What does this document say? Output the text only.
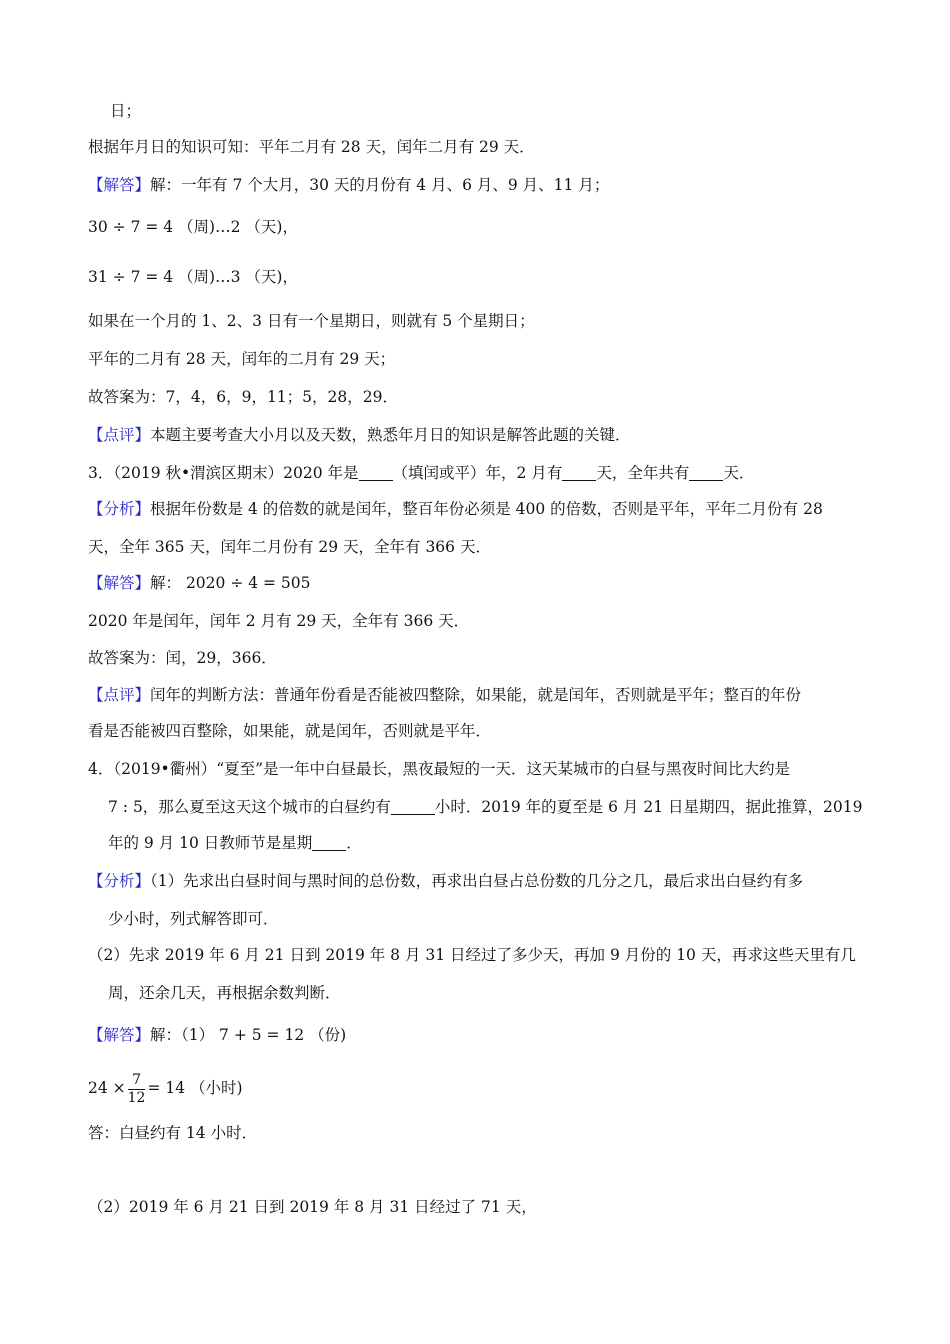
日；
根据年月日的知识可知：平年二月有 28 天，闰年二月有 29 天．
【解答】解：一年有 7 个大月，30 天的月份有 4 月、6 月、9 月、11 月；
30 ÷ 7 = 4 （周)…2 （天)，
31 ÷ 7 = 4 （周)…3 （天)，
如果在一个月的 1、2、3 日有一个星期日，则就有 5 个星期日；
平年的二月有 28 天，闰年的二月有 29 天；
故答案为：7，4，6，9，11；5，28，29．
【点评】本题主要考查大小月以及天数，熟悉年月日的知识是解答此题的关键．
3．（2019 秋•渭滨区期末）2020 年是 （填闰或平）年，2 月有 天，全年共有 天．
【分析】根据年份数是 4 的倍数的就是闰年，整百年份必须是 400 的倍数，否则是平年，平年二月份有 28
天，全年 365 天，闰年二月份有 29 天，全年有 366 天．
【解答】解： 2020 ÷ 4 = 505
2020 年是闰年，闰年 2 月有 29 天，全年有 366 天．
故答案为：闰，29，366．
【点评】闰年的判断方法：普通年份看是否能被四整除，如果能，就是闰年，否则就是平年；整百的年份
看是否能被四百整除，如果能，就是闰年，否则就是平年．
4．（2019•衢州）“夏至”是一年中白昼最长，黑夜最短的一天．这天某城市的白昼与黑夜时间比大约是
7 : 5，那么夏至这天这个城市的白昼约有	小时．2019 年的夏至是 6 月 21 日星期四，据此推算，2019
年的 9 月 10 日教师节是星期 ．
【分析】（1）先求出白昼时间与黑时间的总份数，再求出白昼占总份数的几分之几，最后求出白昼约有多
少小时，列式解答即可．
（2）先求 2019 年 6 月 21 日到 2019 年 8 月 31 日经过了多少天，再加 9 月份的 10 天，再求这些天里有几
周，还余几天，再根据余数判断．
【解答】解：（1） 7 + 5 = 12 （份)
$24 \times \frac{7}{12} = 14$ （小时)
答：白昼约有 14 小时．
（2）2019 年 6 月 21 日到 2019 年 8 月 31 日经过了 71 天，
